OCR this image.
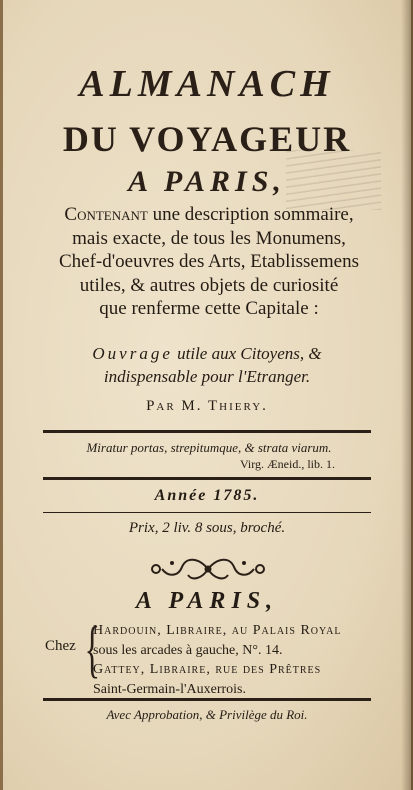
ALMANACH
DU VOYAGEUR
A PARIS,
Contenant une description sommaire,
mais exacte, de tous les Monumens,
Chef-d'oeuvres des Arts, Etablissemens
utiles, & autres objets de curiosité
que renferme cette Capitale :
Ouvrage utile aux Citoyens, &
indispensable pour l'Etranger.
Par M. Thiery.
Miratur portas, strepitumque, & strata viarum.
Virg. Æneid., lib. 1.
Année 1785.
Prix, 2 liv. 8 sous, broché.
A PARIS,
Chez {
Hardouin, Libraire, au Palais Royal
sous les arcades à gauche, N°. 14.
Gattey, Libraire, rue des Prêtres
Saint-Germain-l'Auxerrois.
Avec Approbation, & Privilège du Roi.
